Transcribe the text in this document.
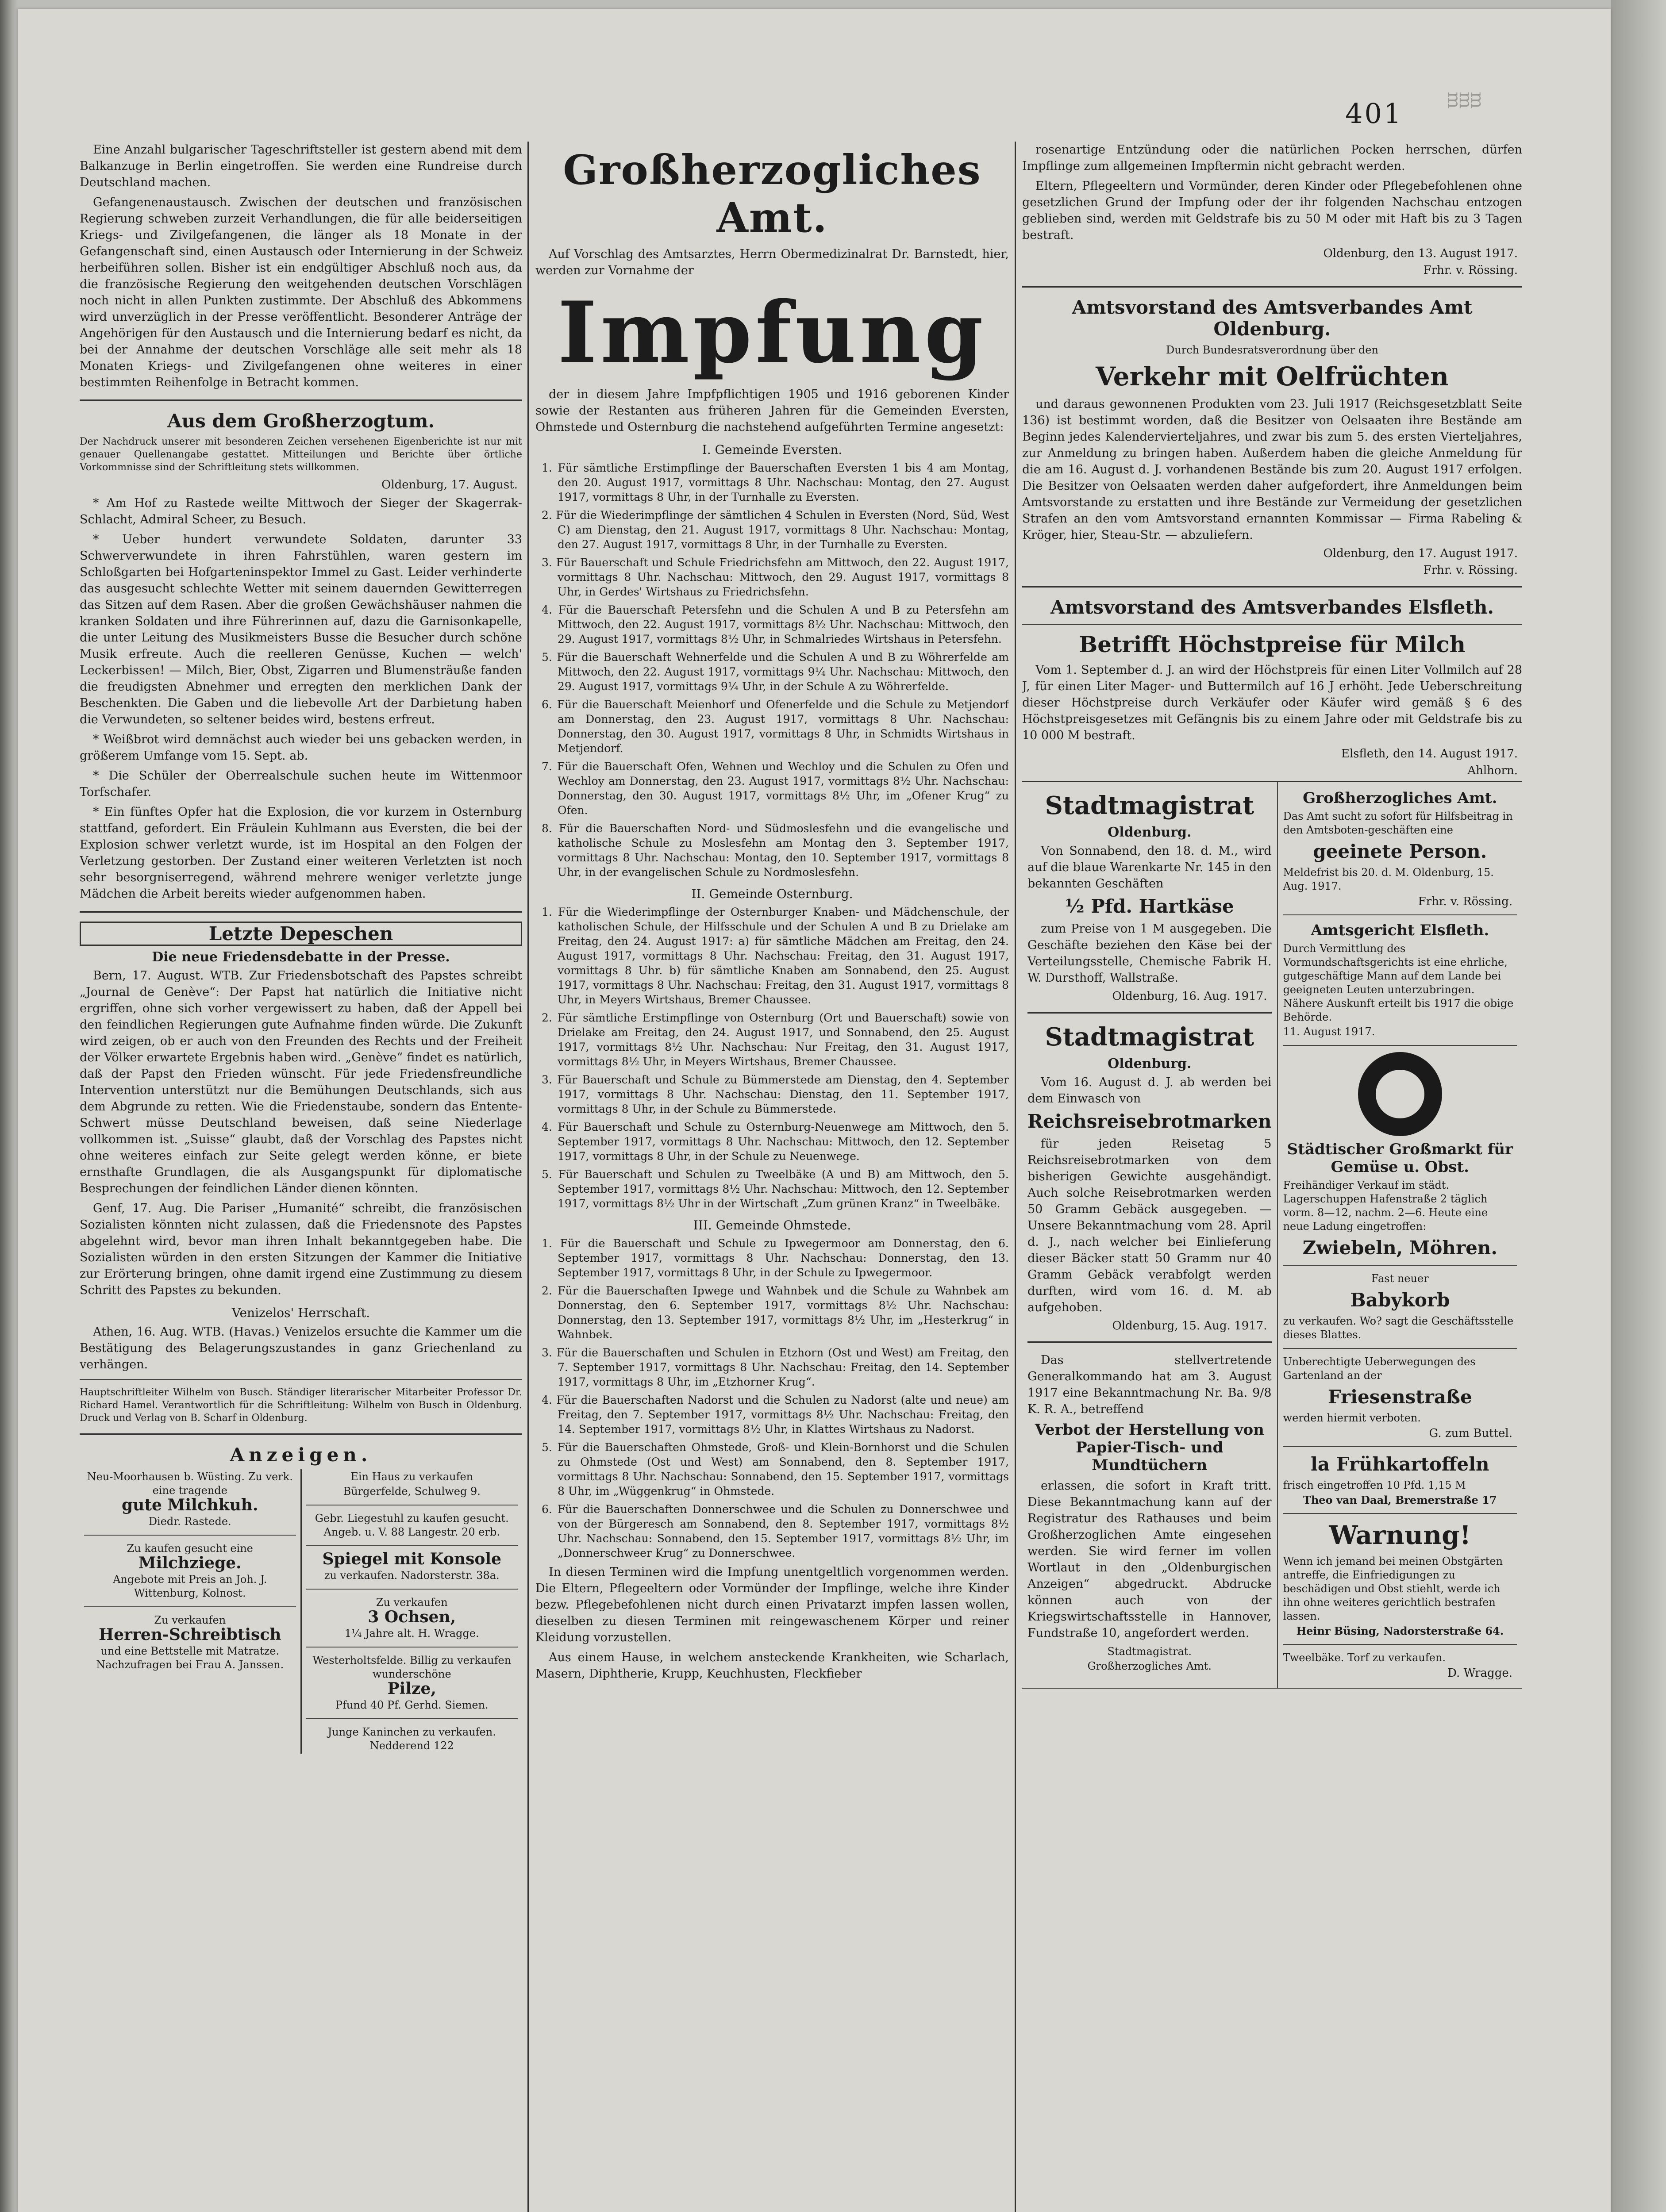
401 ᴟᴟᴟ

Eine Anzahl bulgarischer Tageschriftsteller ist gestern abend mit dem Balkanzuge in Berlin eingetroffen. Sie werden eine Rundreise durch Deutschland machen.

Gefangenenaustausch. Zwischen der deutschen und französischen Regierung schweben zurzeit Verhandlungen, die für alle beiderseitigen Kriegs- und Zivilgefangenen, die länger als 18 Monate in der Gefangenschaft sind, einen Austausch oder Internierung in der Schweiz herbeiführen sollen. Bisher ist ein endgültiger Abschluß noch aus, da die französische Regierung den weitgehenden deutschen Vorschlägen noch nicht in allen Punkten zustimmte. Der Abschluß des Abkommens wird unverzüglich in der Presse veröffentlicht. Besonderer Anträge der Angehörigen für den Austausch und die Internierung bedarf es nicht, da bei der Annahme der deutschen Vorschläge alle seit mehr als 18 Monaten Kriegs- und Zivilgefangenen ohne weiteres in einer bestimmten Reihenfolge in Betracht kommen.

Aus dem Großherzogtum.
Der Nachdruck unserer mit besonderen Zeichen versehenen Eigenberichte ist nur mit genauer Quellenangabe gestattet. Mitteilungen und Berichte über örtliche Vorkommnisse sind der Schriftleitung stets willkommen.
Oldenburg, 17. August.

* Am Hof zu Rastede weilte Mittwoch der Sieger der Skagerrak-Schlacht, Admiral Scheer, zu Besuch.

* Ueber hundert verwundete Soldaten, darunter 33 Schwerverwundete in ihren Fahrstühlen, waren gestern im Schloßgarten bei Hofgarteninspektor Immel zu Gast. Leider verhinderte das ausgesucht schlechte Wetter mit seinem dauernden Gewitterregen das Sitzen auf dem Rasen. Aber die großen Gewächshäuser nahmen die kranken Soldaten und ihre Führerinnen auf, dazu die Garnisonkapelle, die unter Leitung des Musikmeisters Busse die Besucher durch schöne Musik erfreute. Auch die reelleren Genüsse, Kuchen — welch' Leckerbissen! — Milch, Bier, Obst, Zigarren und Blumensträuße fanden die freudigsten Abnehmer und erregten den merklichen Dank der Beschenkten. Die Gaben und die liebevolle Art der Darbietung haben die Verwundeten, so seltener beides wird, bestens erfreut.

* Weißbrot wird demnächst auch wieder bei uns gebacken werden, in größerem Umfange vom 15. Sept. ab.

* Die Schüler der Oberrealschule suchen heute im Wittenmoor Torfschafer.

* Ein fünftes Opfer hat die Explosion, die vor kurzem in Osternburg stattfand, gefordert. Ein Fräulein Kuhlmann aus Eversten, die bei der Explosion schwer verletzt wurde, ist im Hospital an den Folgen der Verletzung gestorben. Der Zustand einer weiteren Verletzten ist noch sehr besorgniserregend, während mehrere weniger verletzte junge Mädchen die Arbeit bereits wieder aufgenommen haben.

Letzte Depeschen
Die neue Friedensdebatte in der Presse.

Bern, 17. August. WTB. Zur Friedensbotschaft des Papstes schreibt „Journal de Genève“: Der Papst hat natürlich die Initiative nicht ergriffen, ohne sich vorher vergewissert zu haben, daß der Appell bei den feindlichen Regierungen gute Aufnahme finden würde. Die Zukunft wird zeigen, ob er auch von den Freunden des Rechts und der Freiheit der Völker erwartete Ergebnis haben wird. „Genève“ findet es natürlich, daß der Papst den Frieden wünscht. Für jede Friedensfreundliche Intervention unterstützt nur die Bemühungen Deutschlands, sich aus dem Abgrunde zu retten. Wie die Friedenstaube, sondern das Entente-Schwert müsse Deutschland beweisen, daß seine Niederlage vollkommen ist. „Suisse“ glaubt, daß der Vorschlag des Papstes nicht ohne weiteres einfach zur Seite gelegt werden könne, er biete ernsthafte Grundlagen, die als Ausgangspunkt für diplomatische Besprechungen der feindlichen Länder dienen könnten.

Genf, 17. Aug. Die Pariser „Humanité“ schreibt, die französischen Sozialisten könnten nicht zulassen, daß die Friedensnote des Papstes abgelehnt wird, bevor man ihren Inhalt bekanntgegeben habe. Die Sozialisten würden in den ersten Sitzungen der Kammer die Initiative zur Erörterung bringen, ohne damit irgend eine Zustimmung zu diesem Schritt des Papstes zu bekunden.

Venizelos' Herrschaft.

Athen, 16. Aug. WTB. (Havas.) Venizelos ersuchte die Kammer um die Bestätigung des Belagerungszustandes in ganz Griechenland zu verhängen.

Hauptschriftleiter Wilhelm von Busch. Ständiger literarischer Mitarbeiter Professor Dr. Richard Hamel. Verantwortlich für die Schriftleitung: Wilhelm von Busch in Oldenburg. Druck und Verlag von B. Scharf in Oldenburg.
Anzeigen.
Neu-Moorhausen b. Wüsting. Zu verk. eine tragende
gute Milchkuh.
Diedr. Rastede.
Zu kaufen gesucht eine
Milchziege.
Angebote mit Preis an Joh. J. Wittenburg, Kolnost.
Zu verkaufen
Herren-Schreibtisch
und eine Bettstelle mit Matratze. Nachzufragen bei Frau A. Janssen.
Ein Haus zu verkaufen
Bürgerfelde, Schulweg 9.
Gebr. Liegestuhl zu kaufen gesucht. Angeb. u. V. 88 Langestr. 20 erb.
Spiegel mit Konsole
zu verkaufen. Nadorsterstr. 38a.
Zu verkaufen
3 Ochsen,
1¼ Jahre alt. H. Wragge.
Westerholtsfelde. Billig zu verkaufen wunderschöne
Pilze,
Pfund 40 Pf. Gerhd. Siemen.
Junge Kaninchen zu verkaufen. Nedderend 122
Großherzogliches Amt.

Auf Vorschlag des Amtsarztes, Herrn Obermedizinalrat Dr. Barnstedt, hier, werden zur Vornahme der

Impfung

der in diesem Jahre Impfpflichtigen 1905 und 1916 geborenen Kinder sowie der Restanten aus früheren Jahren für die Gemeinden Eversten, Ohmstede und Osternburg die nachstehend aufgeführten Termine angesetzt:

I. Gemeinde Eversten.

1. Für sämtliche Erstimpflinge der Bauerschaften Eversten 1 bis 4 am Montag, den 20. August 1917, vormittags 8 Uhr. Nachschau: Montag, den 27. August 1917, vormittags 8 Uhr, in der Turnhalle zu Eversten.

2. Für die Wiederimpflinge der sämtlichen 4 Schulen in Eversten (Nord, Süd, West C) am Dienstag, den 21. August 1917, vormittags 8 Uhr. Nachschau: Montag, den 27. August 1917, vormittags 8 Uhr, in der Turnhalle zu Eversten.

3. Für Bauerschaft und Schule Friedrichsfehn am Mittwoch, den 22. August 1917, vormittags 8 Uhr. Nachschau: Mittwoch, den 29. August 1917, vormittags 8 Uhr, in Gerdes' Wirtshaus zu Friedrichsfehn.

4. Für die Bauerschaft Petersfehn und die Schulen A und B zu Petersfehn am Mittwoch, den 22. August 1917, vormittags 8½ Uhr. Nachschau: Mittwoch, den 29. August 1917, vormittags 8½ Uhr, in Schmalriedes Wirtshaus in Petersfehn.

5. Für die Bauerschaft Wehnerfelde und die Schulen A und B zu Wöhrerfelde am Mittwoch, den 22. August 1917, vormittags 9¼ Uhr. Nachschau: Mittwoch, den 29. August 1917, vormittags 9¼ Uhr, in der Schule A zu Wöhrerfelde.

6. Für die Bauerschaft Meienhorf und Ofenerfelde und die Schule zu Metjendorf am Donnerstag, den 23. August 1917, vormittags 8 Uhr. Nachschau: Donnerstag, den 30. August 1917, vormittags 8 Uhr, in Schmidts Wirtshaus in Metjendorf.

7. Für die Bauerschaft Ofen, Wehnen und Wechloy und die Schulen zu Ofen und Wechloy am Donnerstag, den 23. August 1917, vormittags 8½ Uhr. Nachschau: Donnerstag, den 30. August 1917, vormittags 8½ Uhr, im „Ofener Krug“ zu Ofen.

8. Für die Bauerschaften Nord- und Südmoslesfehn und die evangelische und katholische Schule zu Moslesfehn am Montag den 3. September 1917, vormittags 8 Uhr. Nachschau: Montag, den 10. September 1917, vormittags 8 Uhr, in der evangelischen Schule zu Nordmoslesfehn.

II. Gemeinde Osternburg.

1. Für die Wiederimpflinge der Osternburger Knaben- und Mädchenschule, der katholischen Schule, der Hilfsschule und der Schulen A und B zu Drielake am Freitag, den 24. August 1917: a) für sämtliche Mädchen am Freitag, den 24. August 1917, vormittags 8 Uhr. Nachschau: Freitag, den 31. August 1917, vormittags 8 Uhr. b) für sämtliche Knaben am Sonnabend, den 25. August 1917, vormittags 8 Uhr. Nachschau: Freitag, den 31. August 1917, vormittags 8 Uhr, in Meyers Wirtshaus, Bremer Chaussee.

2. Für sämtliche Erstimpflinge von Osternburg (Ort und Bauerschaft) sowie von Drielake am Freitag, den 24. August 1917, und Sonnabend, den 25. August 1917, vormittags 8½ Uhr. Nachschau: Nur Freitag, den 31. August 1917, vormittags 8½ Uhr, in Meyers Wirtshaus, Bremer Chaussee.

3. Für Bauerschaft und Schule zu Bümmerstede am Dienstag, den 4. September 1917, vormittags 8 Uhr. Nachschau: Dienstag, den 11. September 1917, vormittags 8 Uhr, in der Schule zu Bümmerstede.

4. Für Bauerschaft und Schule zu Osternburg-Neuenwege am Mittwoch, den 5. September 1917, vormittags 8 Uhr. Nachschau: Mittwoch, den 12. September 1917, vormittags 8 Uhr, in der Schule zu Neuenwege.

5. Für Bauerschaft und Schulen zu Tweelbäke (A und B) am Mittwoch, den 5. September 1917, vormittags 8½ Uhr. Nachschau: Mittwoch, den 12. September 1917, vormittags 8½ Uhr in der Wirtschaft „Zum grünen Kranz“ in Tweelbäke.

III. Gemeinde Ohmstede.

1. Für die Bauerschaft und Schule zu Ipwegermoor am Donnerstag, den 6. September 1917, vormittags 8 Uhr. Nachschau: Donnerstag, den 13. September 1917, vormittags 8 Uhr, in der Schule zu Ipwegermoor.

2. Für die Bauerschaften Ipwege und Wahnbek und die Schule zu Wahnbek am Donnerstag, den 6. September 1917, vormittags 8½ Uhr. Nachschau: Donnerstag, den 13. September 1917, vormittags 8½ Uhr, im „Hesterkrug“ in Wahnbek.

3. Für die Bauerschaften und Schulen in Etzhorn (Ost und West) am Freitag, den 7. September 1917, vormittags 8 Uhr. Nachschau: Freitag, den 14. September 1917, vormittags 8 Uhr, im „Etzhorner Krug“.

4. Für die Bauerschaften Nadorst und die Schulen zu Nadorst (alte und neue) am Freitag, den 7. September 1917, vormittags 8½ Uhr. Nachschau: Freitag, den 14. September 1917, vormittags 8½ Uhr, in Klattes Wirtshaus zu Nadorst.

5. Für die Bauerschaften Ohmstede, Groß- und Klein-Bornhorst und die Schulen zu Ohmstede (Ost und West) am Sonnabend, den 8. September 1917, vormittags 8 Uhr. Nachschau: Sonnabend, den 15. September 1917, vormittags 8 Uhr, im „Wüggenkrug“ in Ohmstede.

6. Für die Bauerschaften Donnerschwee und die Schulen zu Donnerschwee und von der Bürgeresch am Sonnabend, den 8. September 1917, vormittags 8½ Uhr. Nachschau: Sonnabend, den 15. September 1917, vormittags 8½ Uhr, im „Donnerschweer Krug“ zu Donnerschwee.

In diesen Terminen wird die Impfung unentgeltlich vorgenommen werden. Die Eltern, Pflegeeltern oder Vormünder der Impflinge, welche ihre Kinder bezw. Pflegebefohlenen nicht durch einen Privatarzt impfen lassen wollen, dieselben zu diesen Terminen mit reingewaschenem Körper und reiner Kleidung vorzustellen.

Aus einem Hause, in welchem ansteckende Krankheiten, wie Scharlach, Masern, Diphtherie, Krupp, Keuchhusten, Fleckfieber

rosenartige Entzündung oder die natürlichen Pocken herrschen, dürfen Impflinge zum allgemeinen Impftermin nicht gebracht werden.

Eltern, Pflegeeltern und Vormünder, deren Kinder oder Pflegebefohlenen ohne gesetzlichen Grund der Impfung oder der ihr folgenden Nachschau entzogen geblieben sind, werden mit Geldstrafe bis zu 50 M oder mit Haft bis zu 3 Tagen bestraft.

Oldenburg, den 13. August 1917.
Frhr. v. Rössing.
Amtsvorstand des Amtsverbandes Amt Oldenburg.
Durch Bundesratsverordnung über den
Verkehr mit Oelfrüchten

und daraus gewonnenen Produkten vom 23. Juli 1917 (Reichsgesetzblatt Seite 136) ist bestimmt worden, daß die Besitzer von Oelsaaten ihre Bestände am Beginn jedes Kalendervierteljahres, und zwar bis zum 5. des ersten Vierteljahres, zur Anmeldung zu bringen haben. Außerdem haben die gleiche Anmeldung für die am 16. August d. J. vorhandenen Bestände bis zum 20. August 1917 erfolgen. Die Besitzer von Oelsaaten werden daher aufgefordert, ihre Anmeldungen beim Amtsvorstande zu erstatten und ihre Bestände zur Vermeidung der gesetzlichen Strafen an den vom Amtsvorstand ernannten Kommissar — Firma Rabeling & Kröger, hier, Steau-Str. — abzuliefern.

Oldenburg, den 17. August 1917.
Frhr. v. Rössing.
Amtsvorstand des Amtsverbandes Elsfleth.
Betrifft Höchstpreise für Milch

Vom 1. September d. J. an wird der Höchstpreis für einen Liter Vollmilch auf 28 J, für einen Liter Mager- und Buttermilch auf 16 J erhöht. Jede Ueberschreitung dieser Höchstpreise durch Verkäufer oder Käufer wird gemäß § 6 des Höchstpreisgesetzes mit Gefängnis bis zu einem Jahre oder mit Geldstrafe bis zu 10 000 M bestraft.

Elsfleth, den 14. August 1917.
Ahlhorn.
Stadtmagistrat
Oldenburg.

Von Sonnabend, den 18. d. M., wird auf die blaue Warenkarte Nr. 145 in den bekannten Geschäften

½ Pfd. Hartkäse

zum Preise von 1 M ausgegeben. Die Geschäfte beziehen den Käse bei der Verteilungsstelle, Chemische Fabrik H. W. Dursthoff, Wallstraße.

Oldenburg, 16. Aug. 1917.
Stadtmagistrat
Oldenburg.

Vom 16. August d. J. ab werden bei dem Einwasch von

Reichsreisebrotmarken

für jeden Reisetag 5 Reichsreisebrotmarken von dem bisherigen Gewichte ausgehändigt. Auch solche Reisebrotmarken werden 50 Gramm Gebäck ausgegeben. — Unsere Bekanntmachung vom 28. April d. J., nach welcher bei Einlieferung dieser Bäcker statt 50 Gramm nur 40 Gramm Gebäck verabfolgt werden durften, wird vom 16. d. M. ab aufgehoben.

Oldenburg, 15. Aug. 1917.

Das stellvertretende Generalkommando hat am 3. August 1917 eine Bekanntmachung Nr. Ba. 9/8 K. R. A., betreffend

Verbot der Herstellung von Papier-Tisch- und Mundtüchern

erlassen, die sofort in Kraft tritt. Diese Bekanntmachung kann auf der Registratur des Rathauses und beim Großherzoglichen Amte eingesehen werden. Sie wird ferner im vollen Wortlaut in den „Oldenburgischen Anzeigen“ abgedruckt. Abdrucke können auch von der Kriegswirtschaftsstelle in Hannover, Fundstraße 10, angefordert werden.

Stadtmagistrat.
Großherzogliches Amt.
Großherzogliches Amt.
Das Amt sucht zu sofort für Hilfsbeitrag in den Amtsboten-geschäften eine
geeinete Person.
Meldefrist bis 20. d. M. Oldenburg, 15. Aug. 1917.
Frhr. v. Rössing.
Amtsgericht Elsfleth.
Durch Vermittlung des Vormundschaftsgerichts ist eine ehrliche, gutgeschäftige Mann auf dem Lande bei geeigneten Leuten unterzubringen. Nähere Auskunft erteilt bis 1917 die obige Behörde.
11. August 1917.
Städtischer Großmarkt für Gemüse u. Obst.
Freihändiger Verkauf im städt. Lagerschuppen Hafenstraße 2 täglich vorm. 8—12, nachm. 2—6. Heute eine neue Ladung eingetroffen:
Zwiebeln, Möhren.
Fast neuer
Babykorb
zu verkaufen. Wo? sagt die Geschäftsstelle dieses Blattes.
Unberechtigte Ueberwegungen des Gartenland an der
Friesenstraße
werden hiermit verboten.
G. zum Buttel.
la Frühkartoffeln
frisch eingetroffen 10 Pfd. 1,15 M
Theo van Daal, Bremerstraße 17
Warnung!
Wenn ich jemand bei meinen Obstgärten antreffe, die Einfriedigungen zu beschädigen und Obst stiehlt, werde ich ihn ohne weiteres gerichtlich bestrafen lassen.
Heinr Büsing, Nadorsterstraße 64.
Tweelbäke. Torf zu verkaufen.
D. Wragge.
